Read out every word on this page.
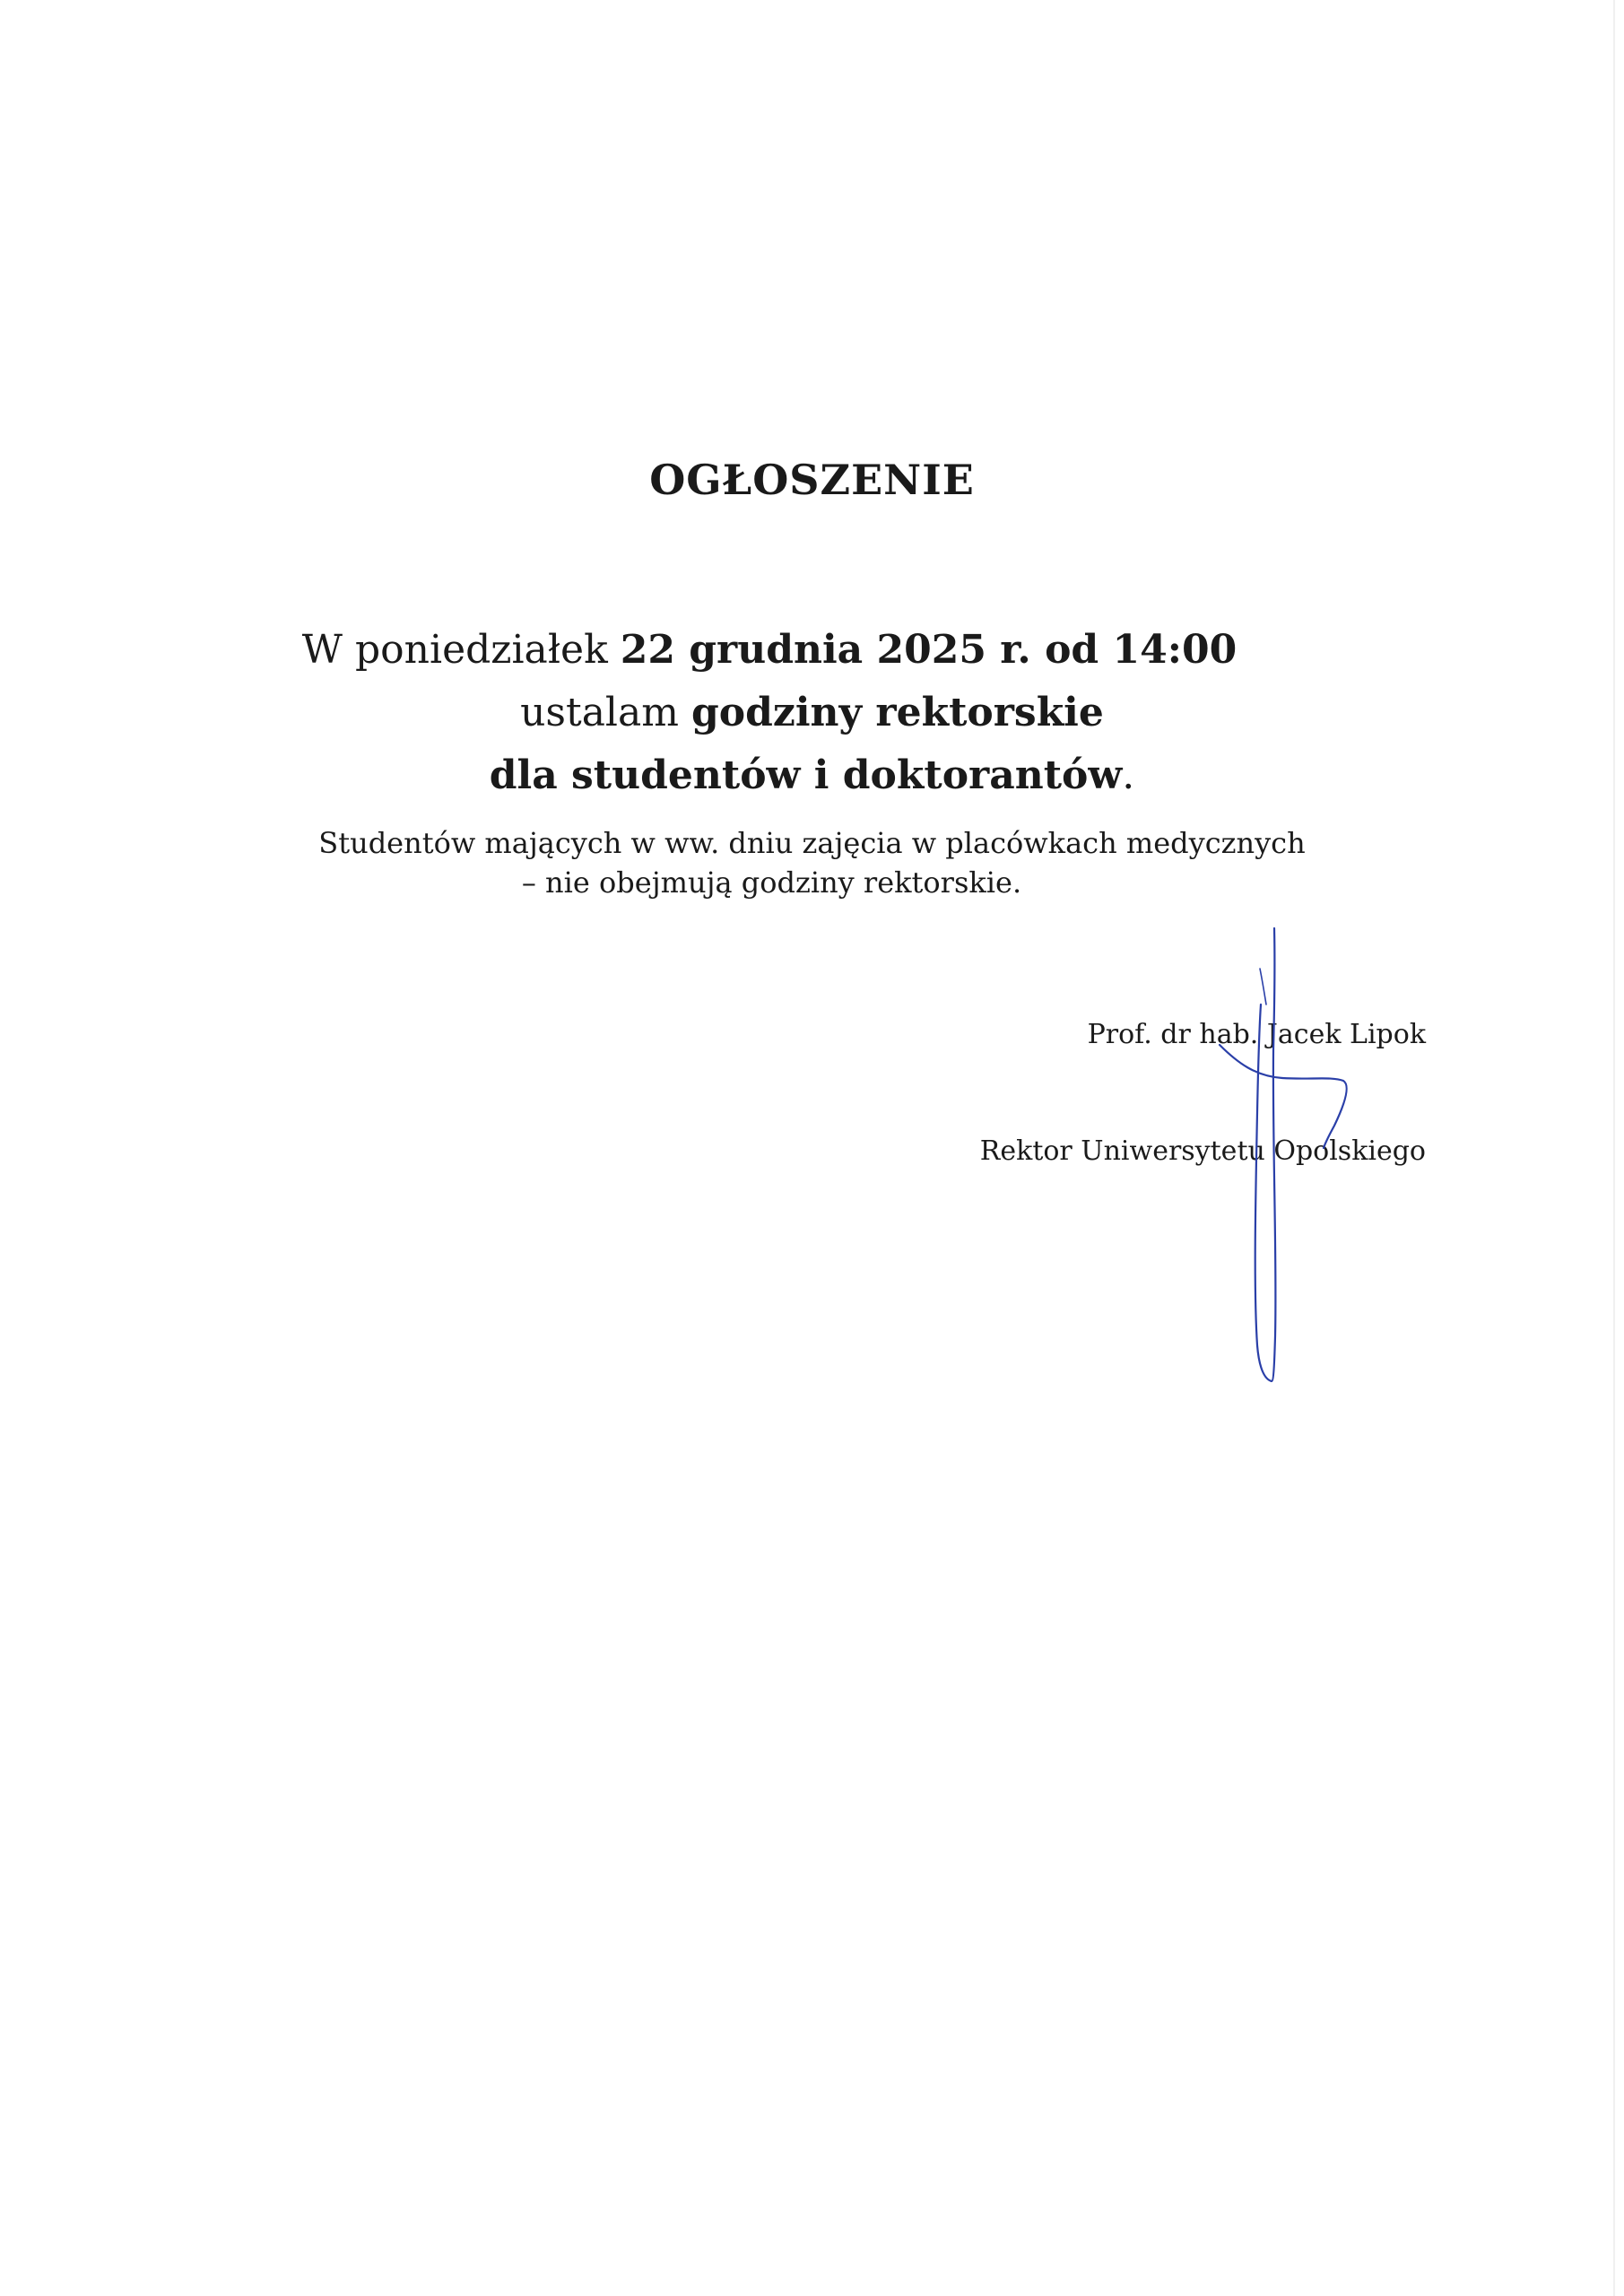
OGŁOSZENIE
W poniedziałek 22 grudnia 2025 r. od 14:00
ustalam godziny rektorskie
dla studentów i doktorantów.
Studentów mających w ww. dniu zajęcia w placówkach medycznych
– nie obejmują godziny rektorskie.
Prof. dr hab. Jacek Lipok
Rektor Uniwersytetu Opolskiego
